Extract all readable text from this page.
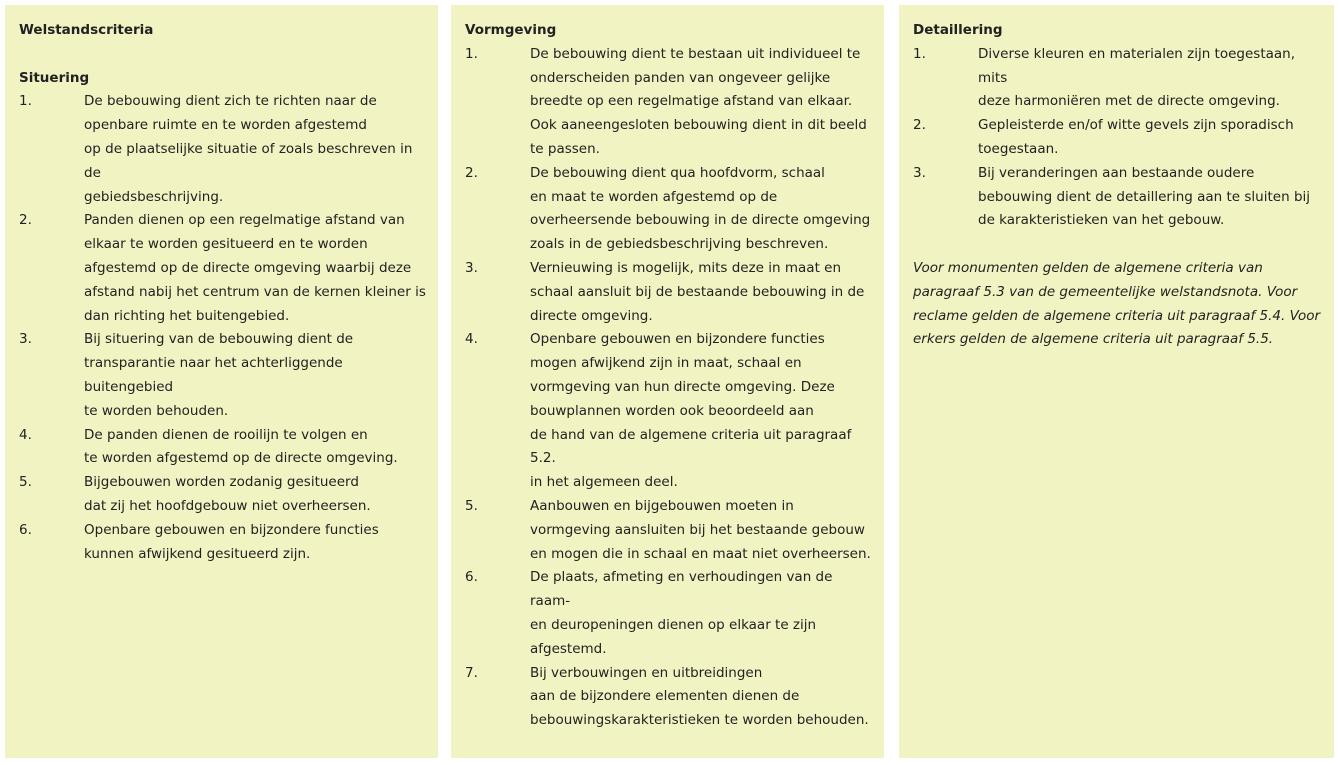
Welstandscriteria
Situering
1.	De bebouwing dient zich te richten naar de
openbare ruimte en te worden afgestemd
op de plaatselijke situatie of zoals beschreven in de
gebiedsbeschrijving.
2.	Panden dienen op een regelmatige afstand van
elkaar te worden gesitueerd en te worden
afgestemd op de directe omgeving waarbij deze
afstand nabij het centrum van de kernen kleiner is
dan richting het buitengebied.
3.	Bij situering van de bebouwing dient de
transparantie naar het achterliggende buitengebied
te worden behouden.
4.	De panden dienen de rooilijn te volgen en
te worden afgestemd op de directe omgeving.
5.	Bijgebouwen worden zodanig gesitueerd
dat zij het hoofdgebouw niet overheersen.
6.	Openbare gebouwen en bijzondere functies
kunnen afwijkend gesitueerd zijn.
Vormgeving
1.	De bebouwing dient te bestaan uit individueel te
onderscheiden panden van ongeveer gelijke
breedte op een regelmatige afstand van elkaar.
Ook aaneengesloten bebouwing dient in dit beeld
te passen.
2.	De bebouwing dient qua hoofdvorm, schaal
en maat te worden afgestemd op de
overheersende bebouwing in de directe omgeving
zoals in de gebiedsbeschrijving beschreven.
3.	Vernieuwing is mogelijk, mits deze in maat en
schaal aansluit bij de bestaande bebouwing in de
directe omgeving.
4.	Openbare gebouwen en bijzondere functies
mogen afwijkend zijn in maat, schaal en
vormgeving van hun directe omgeving. Deze
bouwplannen worden ook beoordeeld aan
de hand van de algemene criteria uit paragraaf 5.2.
in het algemeen deel.
5.	Aanbouwen en bijgebouwen moeten in
vormgeving aansluiten bij het bestaande gebouw
en mogen die in schaal en maat niet overheersen.
6.	De plaats, afmeting en verhoudingen van de raam-
en deuropeningen dienen op elkaar te zijn
afgestemd.
7.	Bij verbouwingen en uitbreidingen
aan de bijzondere elementen dienen de
bebouwingskarakteristieken te worden behouden.
Detaillering
1.	Diverse kleuren en materialen zijn toegestaan, mits
deze harmoniëren met de directe omgeving.
2.	Gepleisterde en/of witte gevels zijn sporadisch
toegestaan.
3.	Bij veranderingen aan bestaande oudere
bebouwing dient de detaillering aan te sluiten bij
de karakteristieken van het gebouw.
Voor monumenten gelden de algemene criteria van
paragraaf 5.3 van de gemeentelijke welstandsnota. Voor
reclame gelden de algemene criteria uit paragraaf 5.4. Voor
erkers gelden de algemene criteria uit paragraaf 5.5.
